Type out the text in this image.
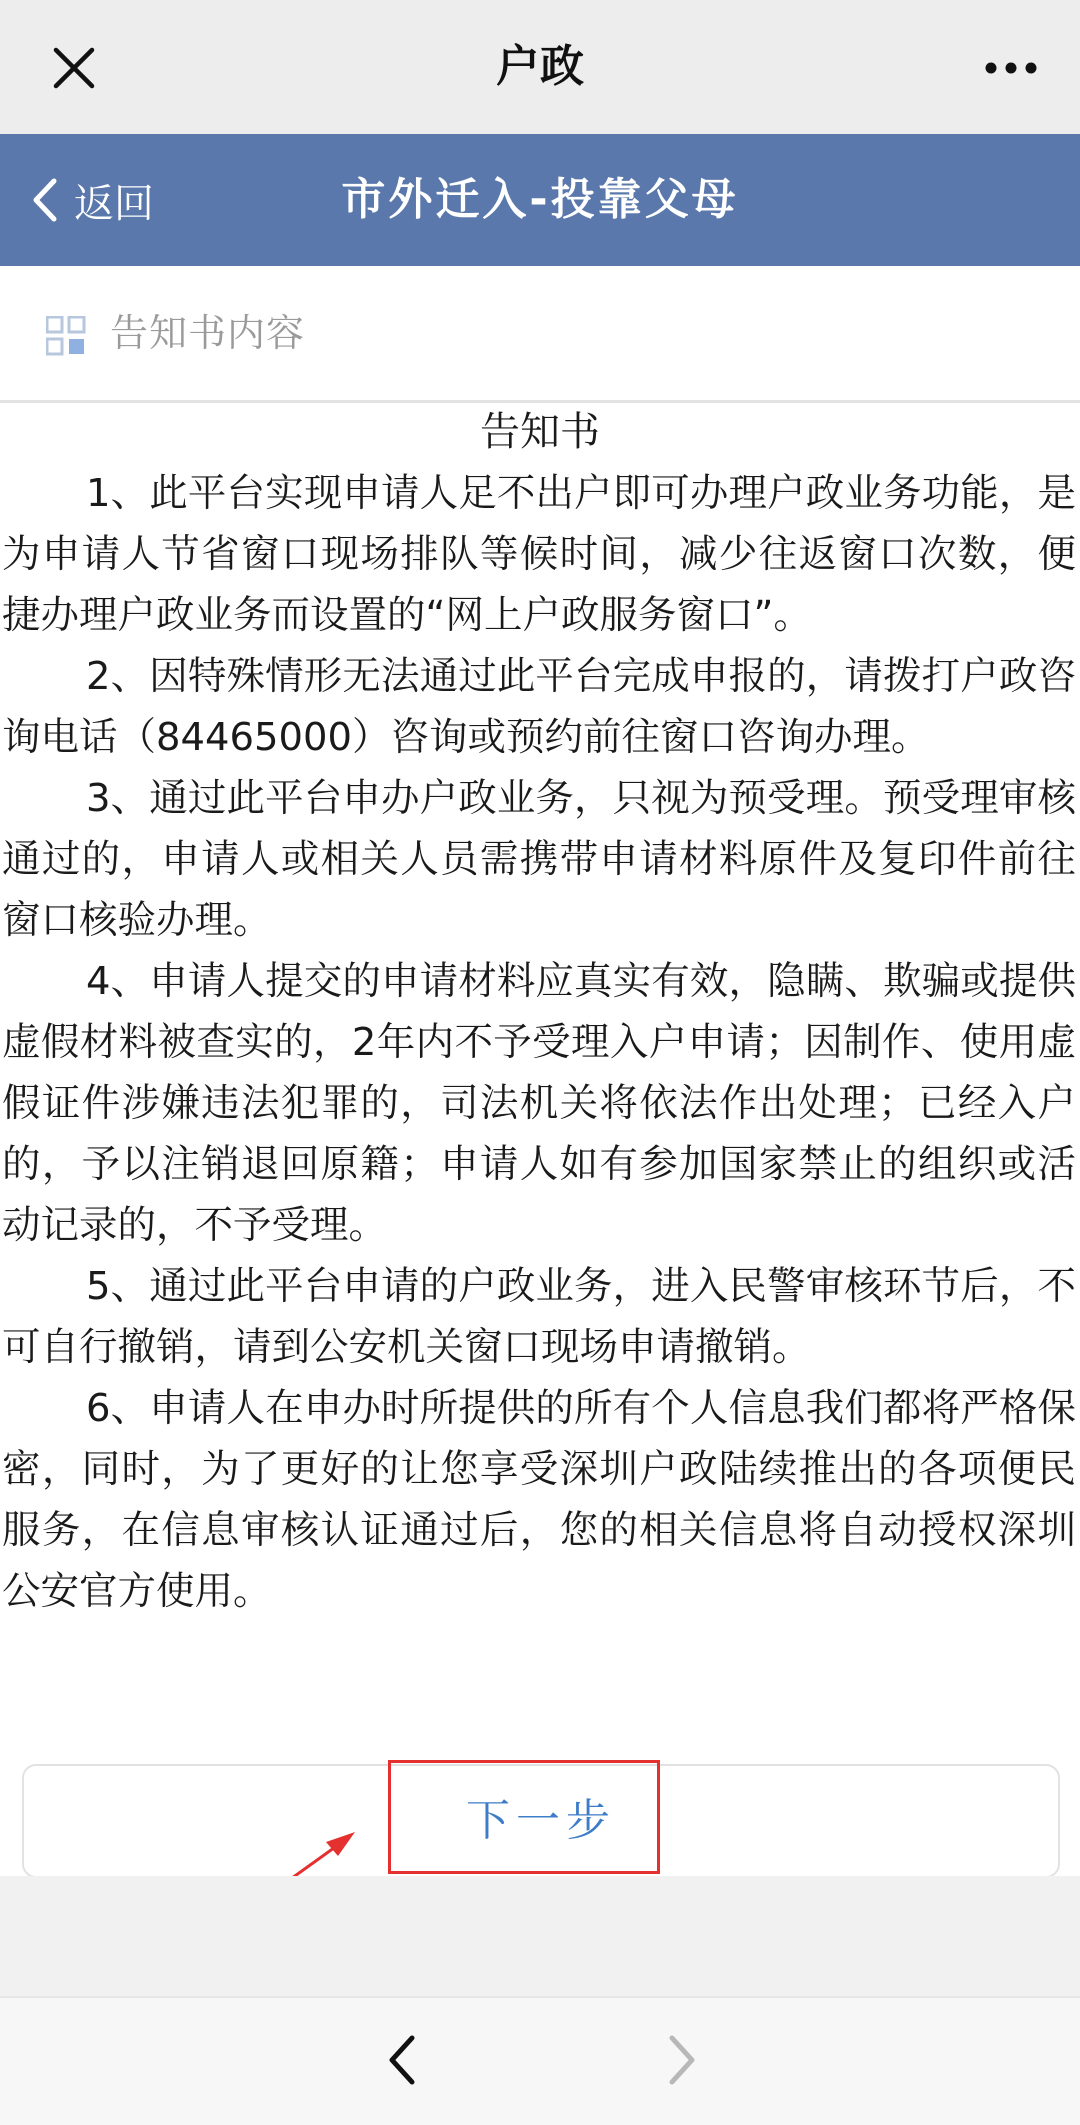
户政
返回	市外迁入-投靠父母
告知书内容
告知书

1、此平台实现申请人足不出户即可办理户政业务功能，是为申请人节省窗口现场排队等候时间，减少往返窗口次数，便捷办理户政业务而设置的“网上户政服务窗口”。

2、因特殊情形无法通过此平台完成申报的，请拨打户政咨询电话（84465000）咨询或预约前往窗口咨询办理。

3、通过此平台申办户政业务，只视为预受理。预受理审核通过的，申请人或相关人员需携带申请材料原件及复印件前往窗口核验办理。

4、申请人提交的申请材料应真实有效，隐瞒、欺骗或提供虚假材料被查实的，2年内不予受理入户申请；因制作、使用虚假证件涉嫌违法犯罪的，司法机关将依法作出处理；已经入户的，予以注销退回原籍；申请人如有参加国家禁止的组织或活动记录的，不予受理。

5、通过此平台申请的户政业务，进入民警审核环节后，不可自行撤销，请到公安机关窗口现场申请撤销。

6、申请人在申办时所提供的所有个人信息我们都将严格保密，同时，为了更好的让您享受深圳户政陆续推出的各项便民服务，在信息审核认证通过后，您的相关信息将自动授权深圳公安官方使用。

下一步
